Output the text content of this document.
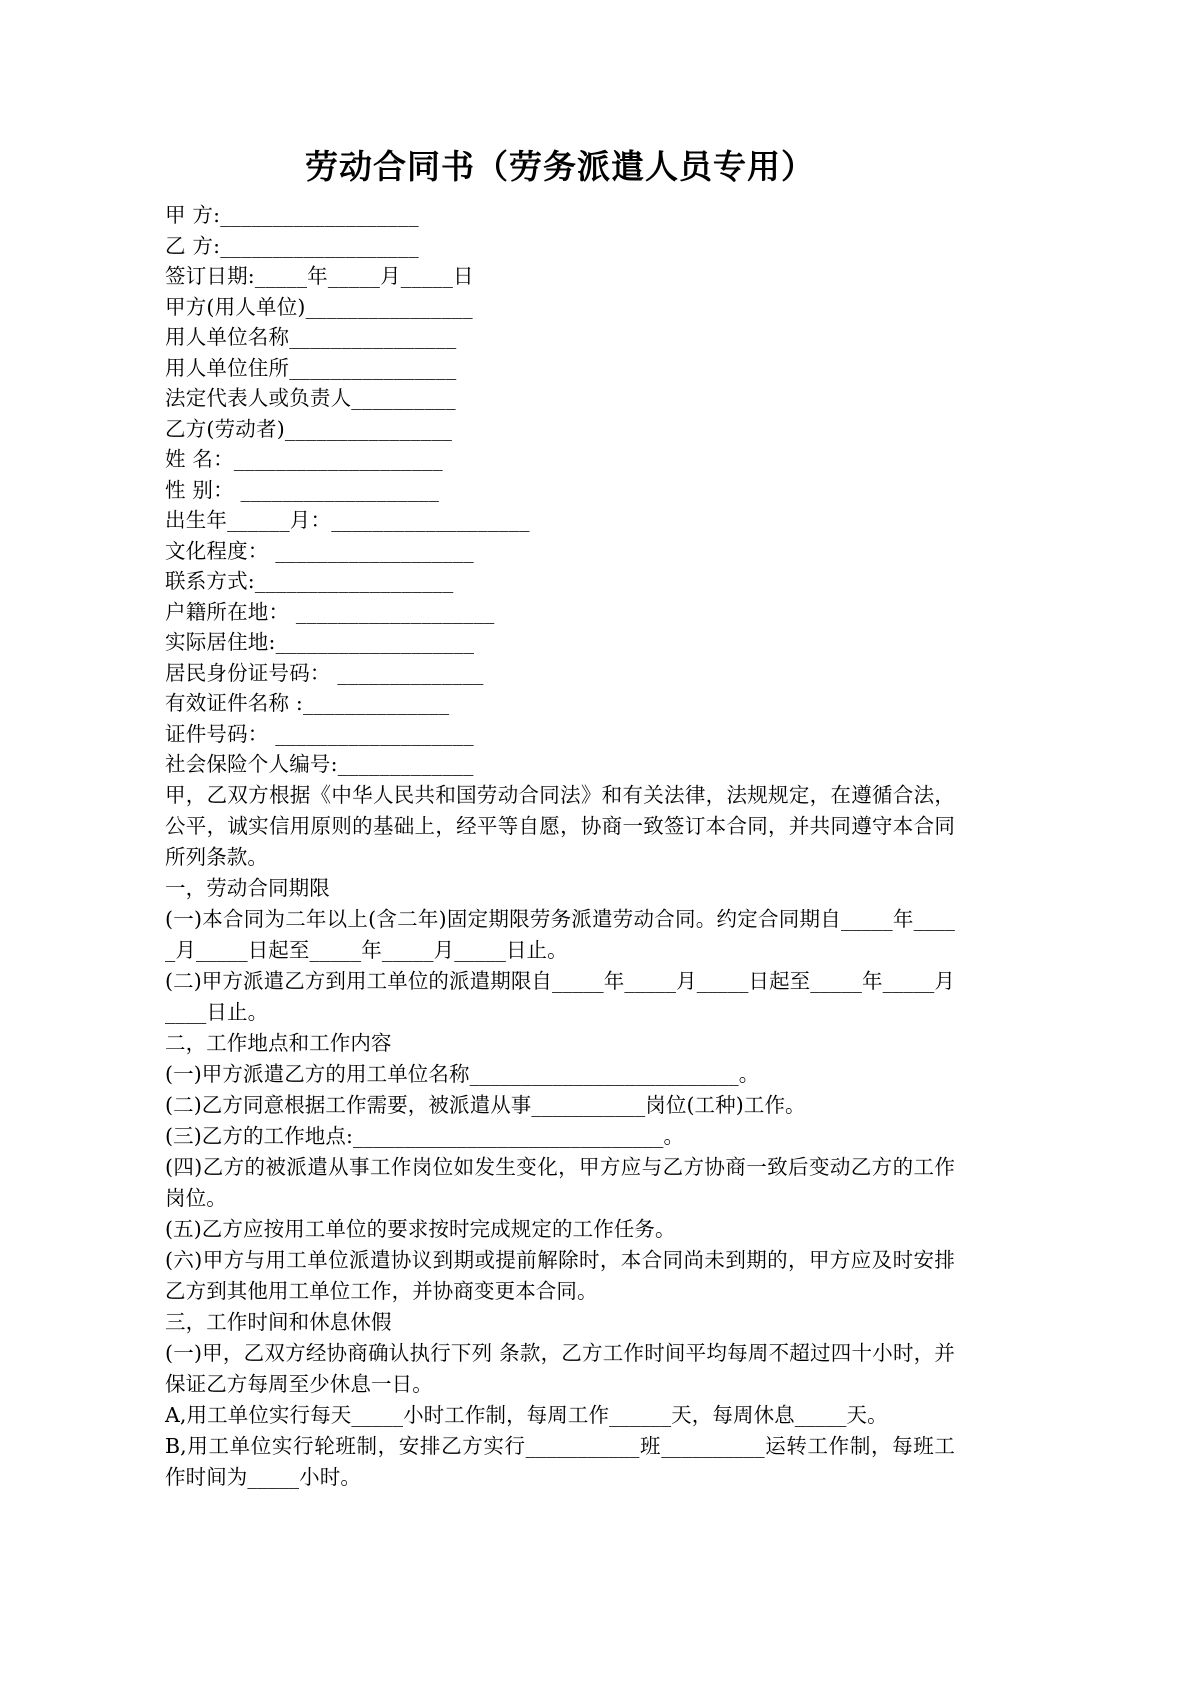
劳动合同书（劳务派遣人员专用）

甲 方:___________________

乙 方:___________________

签订日期:_____年_____月_____日

甲方(用人单位)________________

用人单位名称________________

用人单位住所________________

法定代表人或负责人__________

乙方(劳动者)________________

姓 名：____________________

性 别： ___________________

出生年______月：___________________

文化程度： ___________________

联系方式:___________________

户籍所在地： ___________________

实际居住地:___________________

居民身份证号码： ______________

有效证件名称 :______________

证件号码： ___________________

社会保险个人编号:_____________

甲，乙双方根据《中华人民共和国劳动合同法》和有关法律，法规规定，在遵循合法，公平，诚实信用原则的基础上，经平等自愿，协商一致签订本合同，并共同遵守本合同所列条款。

一，劳动合同期限

(一)本合同为二年以上(含二年)固定期限劳务派遣劳动合同。约定合同期自_____年_____月_____日起至_____年_____月_____日止。

(二)甲方派遣乙方到用工单位的派遣期限自_____年_____月_____日起至_____年_____月____日止。

二，工作地点和工作内容

(一)甲方派遣乙方的用工单位名称__________________________。

(二)乙方同意根据工作需要，被派遣从事___________岗位(工种)工作。

(三)乙方的工作地点:______________________________。

(四)乙方的被派遣从事工作岗位如发生变化，甲方应与乙方协商一致后变动乙方的工作岗位。

(五)乙方应按用工单位的要求按时完成规定的工作任务。

(六)甲方与用工单位派遣协议到期或提前解除时，本合同尚未到期的，甲方应及时安排乙方到其他用工单位工作，并协商变更本合同。

三，工作时间和休息休假

(一)甲，乙双方经协商确认执行下列 条款，乙方工作时间平均每周不超过四十小时，并保证乙方每周至少休息一日。

A,用工单位实行每天_____小时工作制，每周工作______天，每周休息_____天。

B,用工单位实行轮班制，安排乙方实行___________班__________运转工作制，每班工作时间为_____小时。
